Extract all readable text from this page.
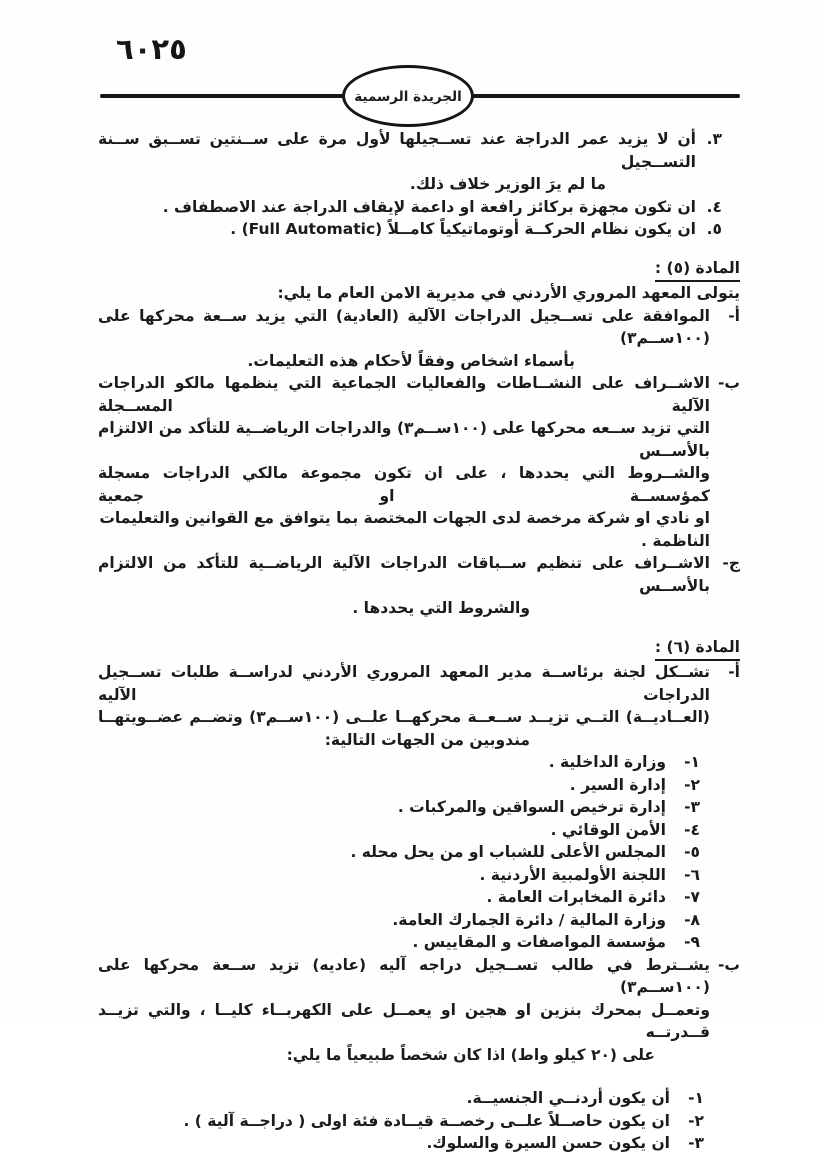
٦٠٢٥
الجريدة الرسمية
٣.
أن لا يزيد عمر الدراجة عند تســجيلها لأول مرة على ســنتين تســبق ســنة التســجيل
ما لم يرَ الوزير خلاف ذلك.
٤.
ان تكون مجهزة بركائز رافعة او داعمة لإيقاف الدراجة عند الاصطفاف .
٥.
ان يكون نظام الحركــة أوتوماتيكياً كامــلاً (Full Automatic) .
المادة (٥) :
يتولى المعهد المروري الأردني في مديرية الامن العام ما يلي:
أ-
الموافقة على تســجيل الدراجات الآلية (العادية) التي يزيد ســعة محركها على (١٠٠ســم٣)
بأسماء اشخاص وفقاً لأحكام هذه التعليمات.
ب-
الاشــراف على النشــاطات والفعاليات الجماعية التي ينظمها مالكو الدراجات الآلية المســجلة
التي تزيد ســعه محركها على (١٠٠ســم٣) والدراجات الرياضــية للتأكد من الالتزام بالأســس
والشــروط التي يحددها ، على ان تكون مجموعة مالكي الدراجات مسجلة كمؤسســة او جمعية
او نادي او شركة مرخصة لدى الجهات المختصة بما يتوافق مع القوانين والتعليمات الناظمة .
ج-
الاشــراف على تنظيم ســباقات الدراجات الآلية الرياضــية للتأكد من الالتزام بالأســس
والشروط التي يحددها .
المادة (٦) :
أ-
تشــكل لجنة برئاســة مدير المعهد المروري الأردني لدراســة طلبات تســجيل الدراجات الآليه
(العــاديــة) التــي تزيــد ســعــة محركهــا علــى (١٠٠ســم٣) وتضــم عضــويتهــا
مندوبين من الجهات التالية:
١-
وزارة الداخلية .
٢-
إدارة السير .
٣-
إدارة ترخيص السواقين والمركبات .
٤-
الأمن الوقائي .
٥-
المجلس الأعلى للشباب او من يحل محله .
٦-
اللجنة الأولمبية الأردنية .
٧-
دائرة المخابرات العامة .
٨-
وزارة المالية / دائرة الجمارك العامة.
٩-
مؤسسة المواصفات و المقاييس .
ب-
يشــترط في طالب تســجيل دراجه آليه (عاديه) تزيد ســعة محركها على (١٠٠ســم٣)
وتعمــل بمحرك بنزين او هجين او يعمــل على الكهربــاء كليــا ، والتي تزيــد قــدرتــه
على (٢٠ كيلو واط) اذا كان شخصاً طبيعياً ما يلي:
١-
أن يكون أردنــي الجنسيــة.
٢-
ان يكون حاصــلاً علــى رخصــة قيــادة فئة اولى ( دراجــة آلية ) .
٣-
ان يكون حسن السيرة والسلوك.
